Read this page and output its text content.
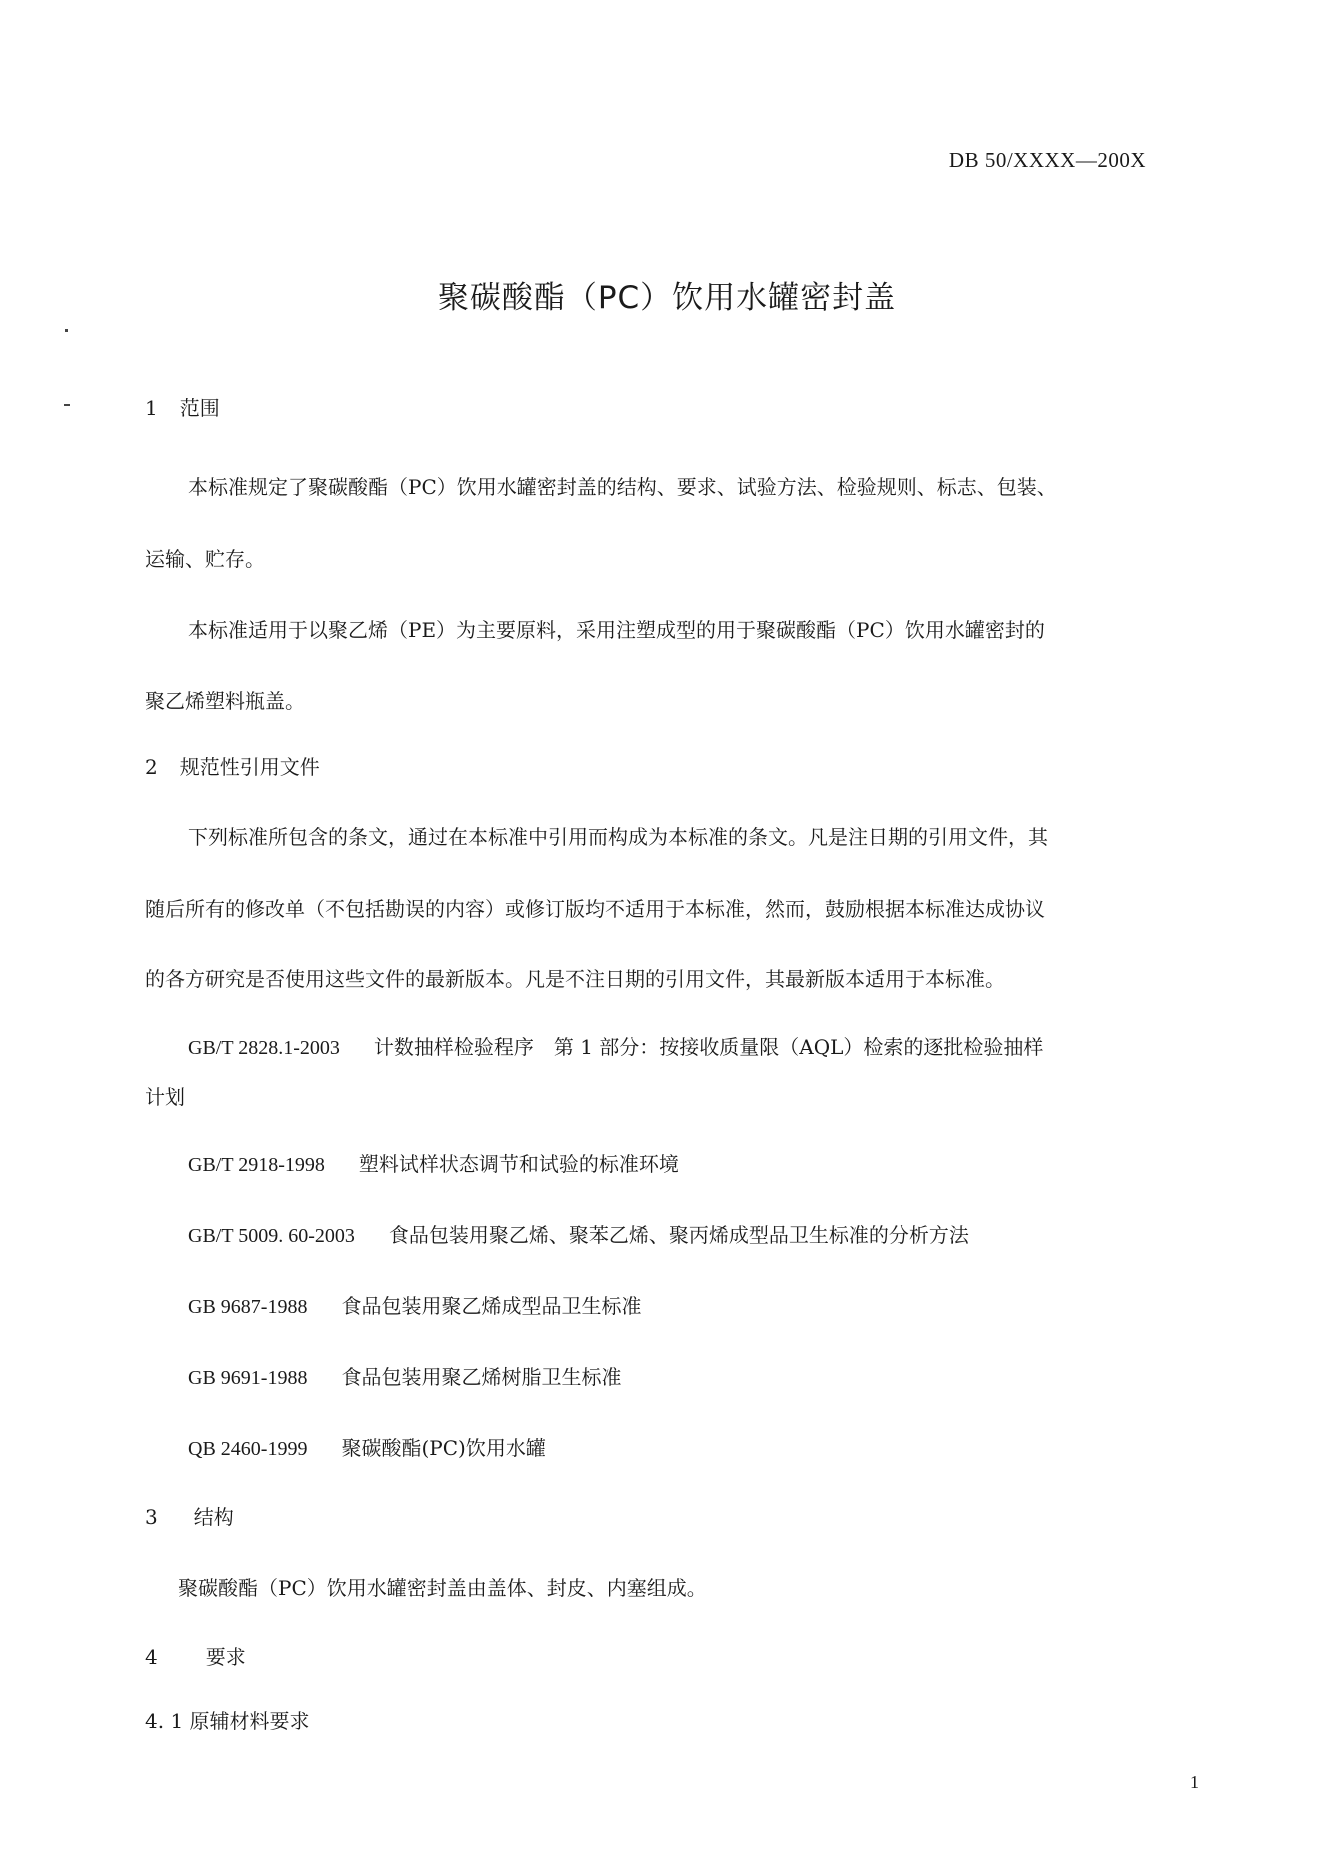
DB 50/XXXX—200X
聚碳酸酯（PC）饮用水罐密封盖
1 范围
本标准规定了聚碳酸酯（PC）饮用水罐密封盖的结构、要求、试验方法、检验规则、标志、包装、
运输、贮存。
本标准适用于以聚乙烯（PE）为主要原料，采用注塑成型的用于聚碳酸酯（PC）饮用水罐密封的
聚乙烯塑料瓶盖。
2 规范性引用文件
下列标准所包含的条文，通过在本标准中引用而构成为本标准的条文。凡是注日期的引用文件，其
随后所有的修改单（不包括勘误的内容）或修订版均不适用于本标准，然而，鼓励根据本标准达成协议
的各方研究是否使用这些文件的最新版本。凡是不注日期的引用文件，其最新版本适用于本标准。
GB/T 2828.1-2003 计数抽样检验程序　第 1 部分：按接收质量限（AQL）检索的逐批检验抽样
计划
GB/T 2918-1998 塑料试样状态调节和试验的标准环境
GB/T 5009. 60-2003 食品包装用聚乙烯、聚苯乙烯、聚丙烯成型品卫生标准的分析方法
GB 9687-1988 食品包装用聚乙烯成型品卫生标准
GB 9691-1988 食品包装用聚乙烯树脂卫生标准
QB 2460-1999 聚碳酸酯(PC)饮用水罐
3 结构
聚碳酸酯（PC）饮用水罐密封盖由盖体、封皮、内塞组成。
4 要求
4. 1 原辅材料要求
1
